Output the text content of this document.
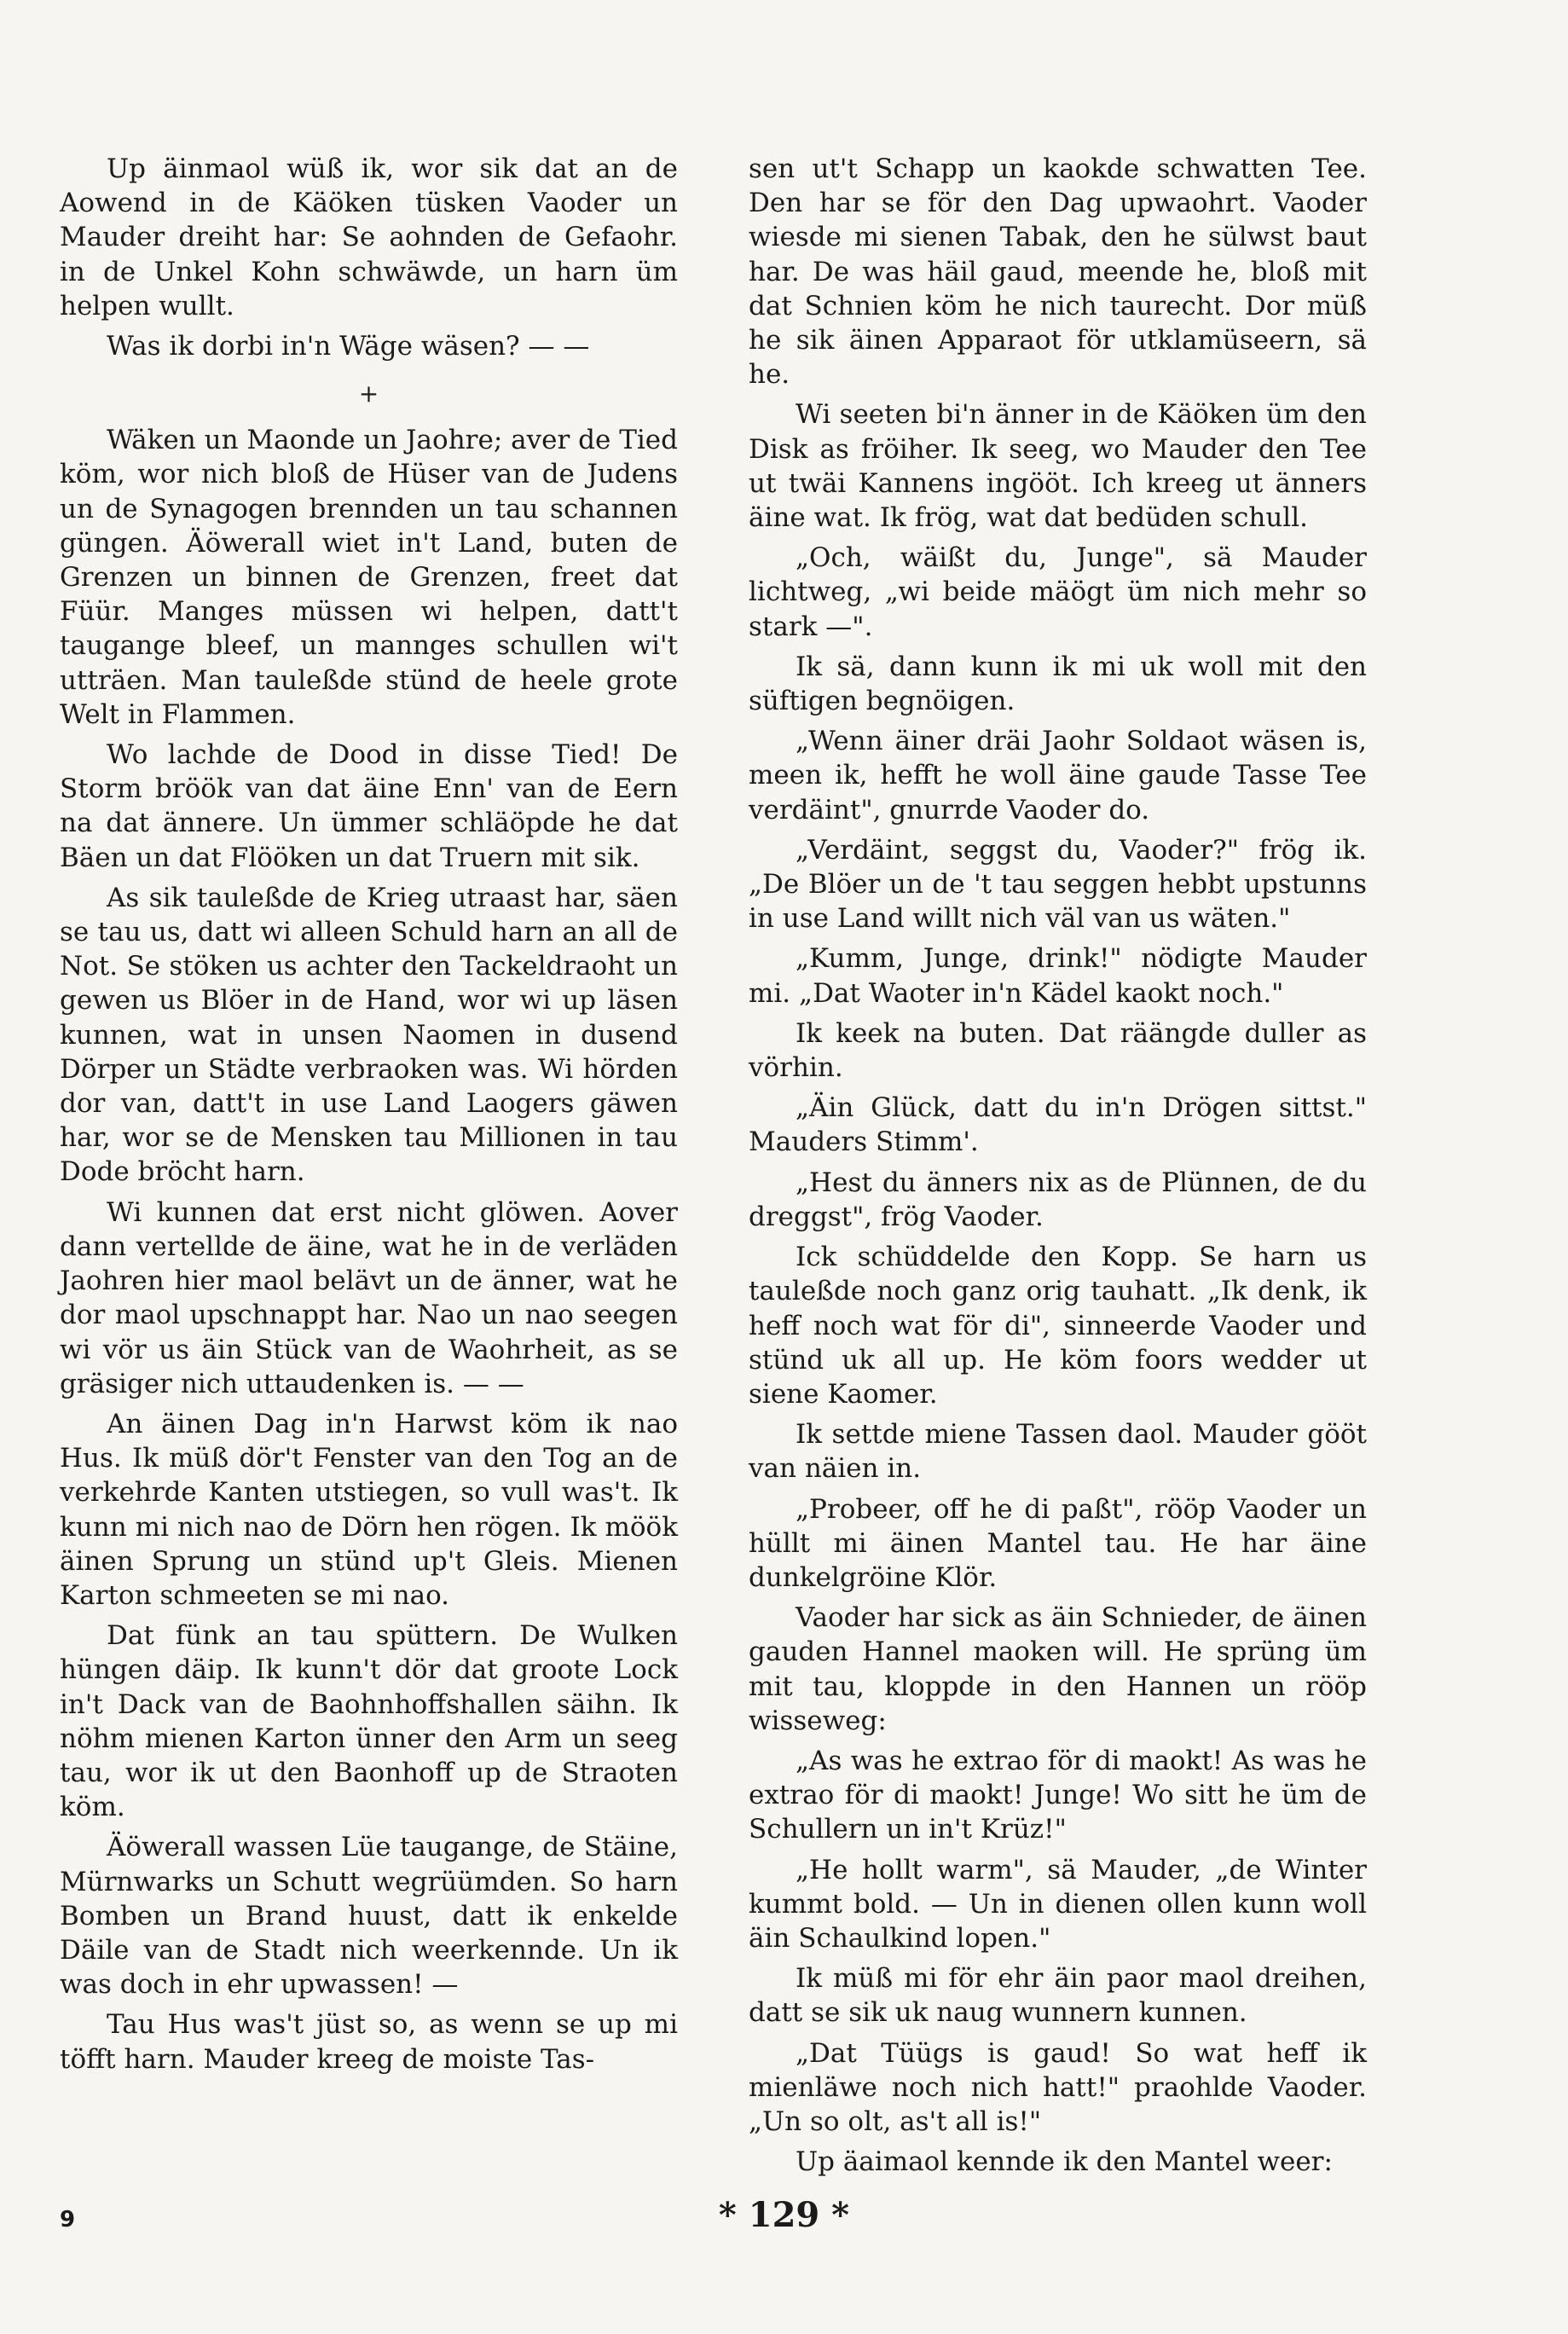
Up äinmaol wüß ik, wor sik dat an de Aowend in de Käöken tüsken Vaoder un Mauder dreiht har: Se aohnden de Gefaohr. in de Unkel Kohn schwäwde, un harn üm helpen wullt.

Was ik dorbi in'n Wäge wäsen? — —

+

Wäken un Maonde un Jaohre; aver de Tied köm, wor nich bloß de Hüser van de Judens un de Synagogen brennden un tau schannen güngen. Äöwerall wiet in't Land, buten de Grenzen un binnen de Grenzen, freet dat Füür. Manges müssen wi helpen, datt't taugange bleef, un mannges schullen wi't utträen. Man tauleßde stünd de heele grote Welt in Flammen.

Wo lachde de Dood in disse Tied! De Storm bröök van dat äine Enn' van de Eern na dat ännere. Un ümmer schläöpde he dat Bäen un dat Flööken un dat Truern mit sik.

As sik tauleßde de Krieg utraast har, säen se tau us, datt wi alleen Schuld harn an all de Not. Se stöken us achter den Tackeldraoht un gewen us Blöer in de Hand, wor wi up läsen kunnen, wat in unsen Naomen in dusend Dörper un Städte verbraoken was. Wi hörden dor van, datt't in use Land Laogers gäwen har, wor se de Mensken tau Millionen in tau Dode bröcht harn.

Wi kunnen dat erst nicht glöwen. Aover dann vertellde de äine, wat he in de verläden Jaohren hier maol belävt un de änner, wat he dor maol upschnappt har. Nao un nao seegen wi vör us äin Stück van de Waohrheit, as se gräsiger nich uttaudenken is. — —

An äinen Dag in'n Harwst köm ik nao Hus. Ik müß dör't Fenster van den Tog an de verkehrde Kanten utstiegen, so vull was't. Ik kunn mi nich nao de Dörn hen rögen. Ik möök äinen Sprung un stünd up't Gleis. Mienen Karton schmeeten se mi nao.

Dat fünk an tau spüttern. De Wulken hüngen däip. Ik kunn't dör dat groote Lock in't Dack van de Baohnhoffshallen säihn. Ik nöhm mienen Karton ünner den Arm un seeg tau, wor ik ut den Baonhoff up de Straoten köm.

Äöwerall wassen Lüe taugange, de Stäine, Mürnwarks un Schutt wegrüümden. So harn Bomben un Brand huust, datt ik enkelde Däile van de Stadt nich weerkennde. Un ik was doch in ehr upwassen! —

Tau Hus was't jüst so, as wenn se up mi töfft harn. Mauder kreeg de moiste Tas-

sen ut't Schapp un kaokde schwatten Tee. Den har se för den Dag upwaohrt. Vaoder wiesde mi sienen Tabak, den he sülwst baut har. De was häil gaud, meende he, bloß mit dat Schnien köm he nich taurecht. Dor müß he sik äinen Apparaot för utklamüseern, sä he.

Wi seeten bi'n änner in de Käöken üm den Disk as fröiher. Ik seeg, wo Mauder den Tee ut twäi Kannens ingööt. Ich kreeg ut änners äine wat. Ik frög, wat dat bedüden schull.

„Och, wäißt du, Junge", sä Mauder lichtweg, „wi beide mäögt üm nich mehr so stark —".

Ik sä, dann kunn ik mi uk woll mit den süftigen begnöigen.

„Wenn äiner dräi Jaohr Soldaot wäsen is, meen ik, hefft he woll äine gaude Tasse Tee verdäint", gnurrde Vaoder do.

„Verdäint, seggst du, Vaoder?" frög ik. „De Blöer un de 't tau seggen hebbt upstunns in use Land willt nich väl van us wäten."

„Kumm, Junge, drink!" nödigte Mauder mi. „Dat Waoter in'n Kädel kaokt noch."

Ik keek na buten. Dat räängde duller as vörhin.

„Äin Glück, datt du in'n Drögen sittst." Mauders Stimm'.

„Hest du änners nix as de Plünnen, de du dreggst", frög Vaoder.

Ick schüddelde den Kopp. Se harn us tauleßde noch ganz orig tauhatt. „Ik denk, ik heff noch wat för di", sinneerde Vaoder und stünd uk all up. He köm foors wedder ut siene Kaomer.

Ik settde miene Tassen daol. Mauder gööt van näien in.

„Probeer, off he di paßt", rööp Vaoder un hüllt mi äinen Mantel tau. He har äine dunkelgröine Klör.

Vaoder har sick as äin Schnieder, de äinen gauden Hannel maoken will. He sprüng üm mit tau, kloppde in den Hannen un rööp wisseweg:

„As was he extrao för di maokt! As was he extrao för di maokt! Junge! Wo sitt he üm de Schullern un in't Krüz!"

„He hollt warm", sä Mauder, „de Winter kummt bold. — Un in dienen ollen kunn woll äin Schaulkind lopen."

Ik müß mi för ehr äin paor maol dreihen, datt se sik uk naug wunnern kunnen.

„Dat Tüügs is gaud! So wat heff ik mienläwe noch nich hatt!" praohlde Vaoder. „Un so olt, as't all is!"

Up äaimaol kennde ik den Mantel weer:

9	* 129 *
